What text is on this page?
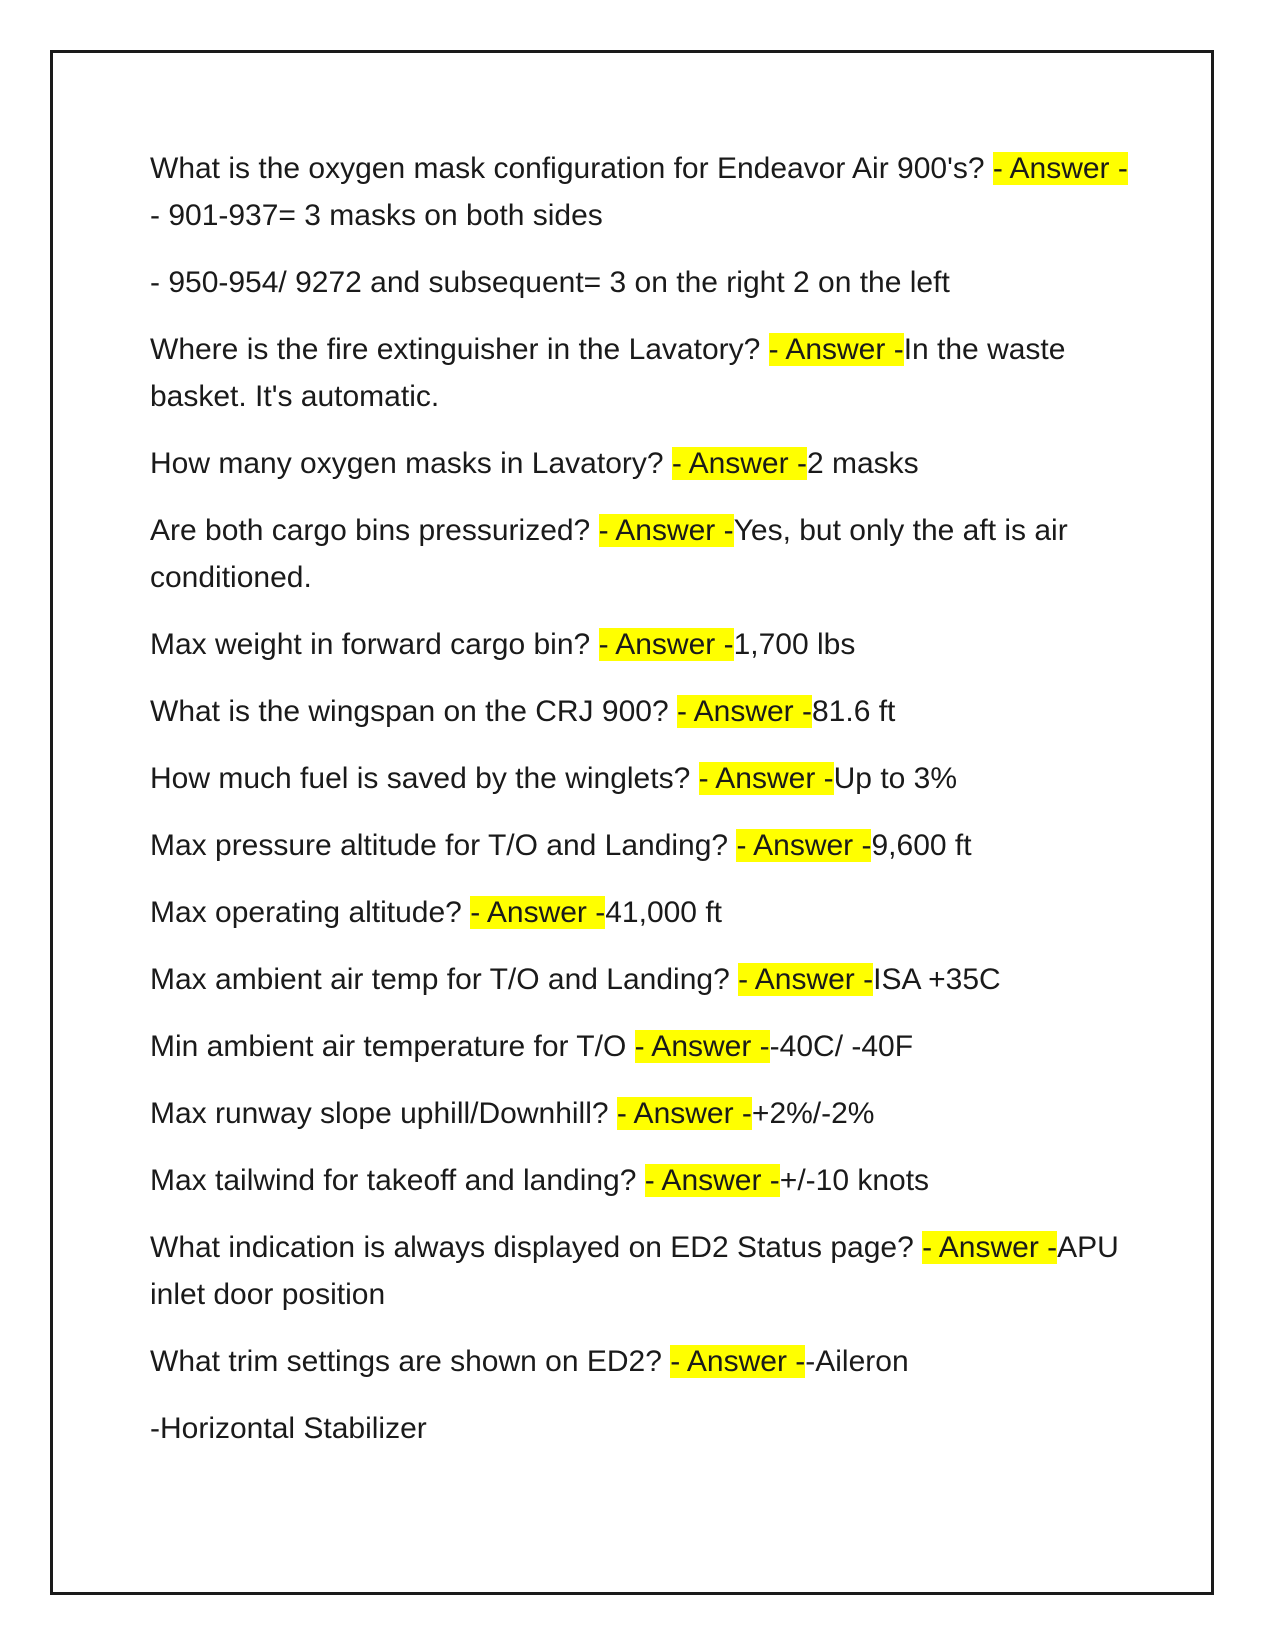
What is the oxygen mask configuration for Endeavor Air 900's? - Answer -- 901-937= 3 masks on both sides

- 950-954/ 9272 and subsequent= 3 on the right 2 on the left

Where is the fire extinguisher in the Lavatory? - Answer -In the waste basket. It's automatic.

How many oxygen masks in Lavatory? - Answer -2 masks

Are both cargo bins pressurized? - Answer -Yes, but only the aft is air conditioned.

Max weight in forward cargo bin? - Answer -1,700 lbs

What is the wingspan on the CRJ 900? - Answer -81.6 ft

How much fuel is saved by the winglets? - Answer -Up to 3%

Max pressure altitude for T/O and Landing? - Answer -9,600 ft

Max operating altitude? - Answer -41,000 ft

Max ambient air temp for T/O and Landing? - Answer -ISA +35C

Min ambient air temperature for T/O - Answer --40C/ -40F

Max runway slope uphill/Downhill? - Answer -+2%/-2%

Max tailwind for takeoff and landing? - Answer -+/-10 knots

What indication is always displayed on ED2 Status page? - Answer -APU inlet door position

What trim settings are shown on ED2? - Answer --Aileron

-Horizontal Stabilizer
